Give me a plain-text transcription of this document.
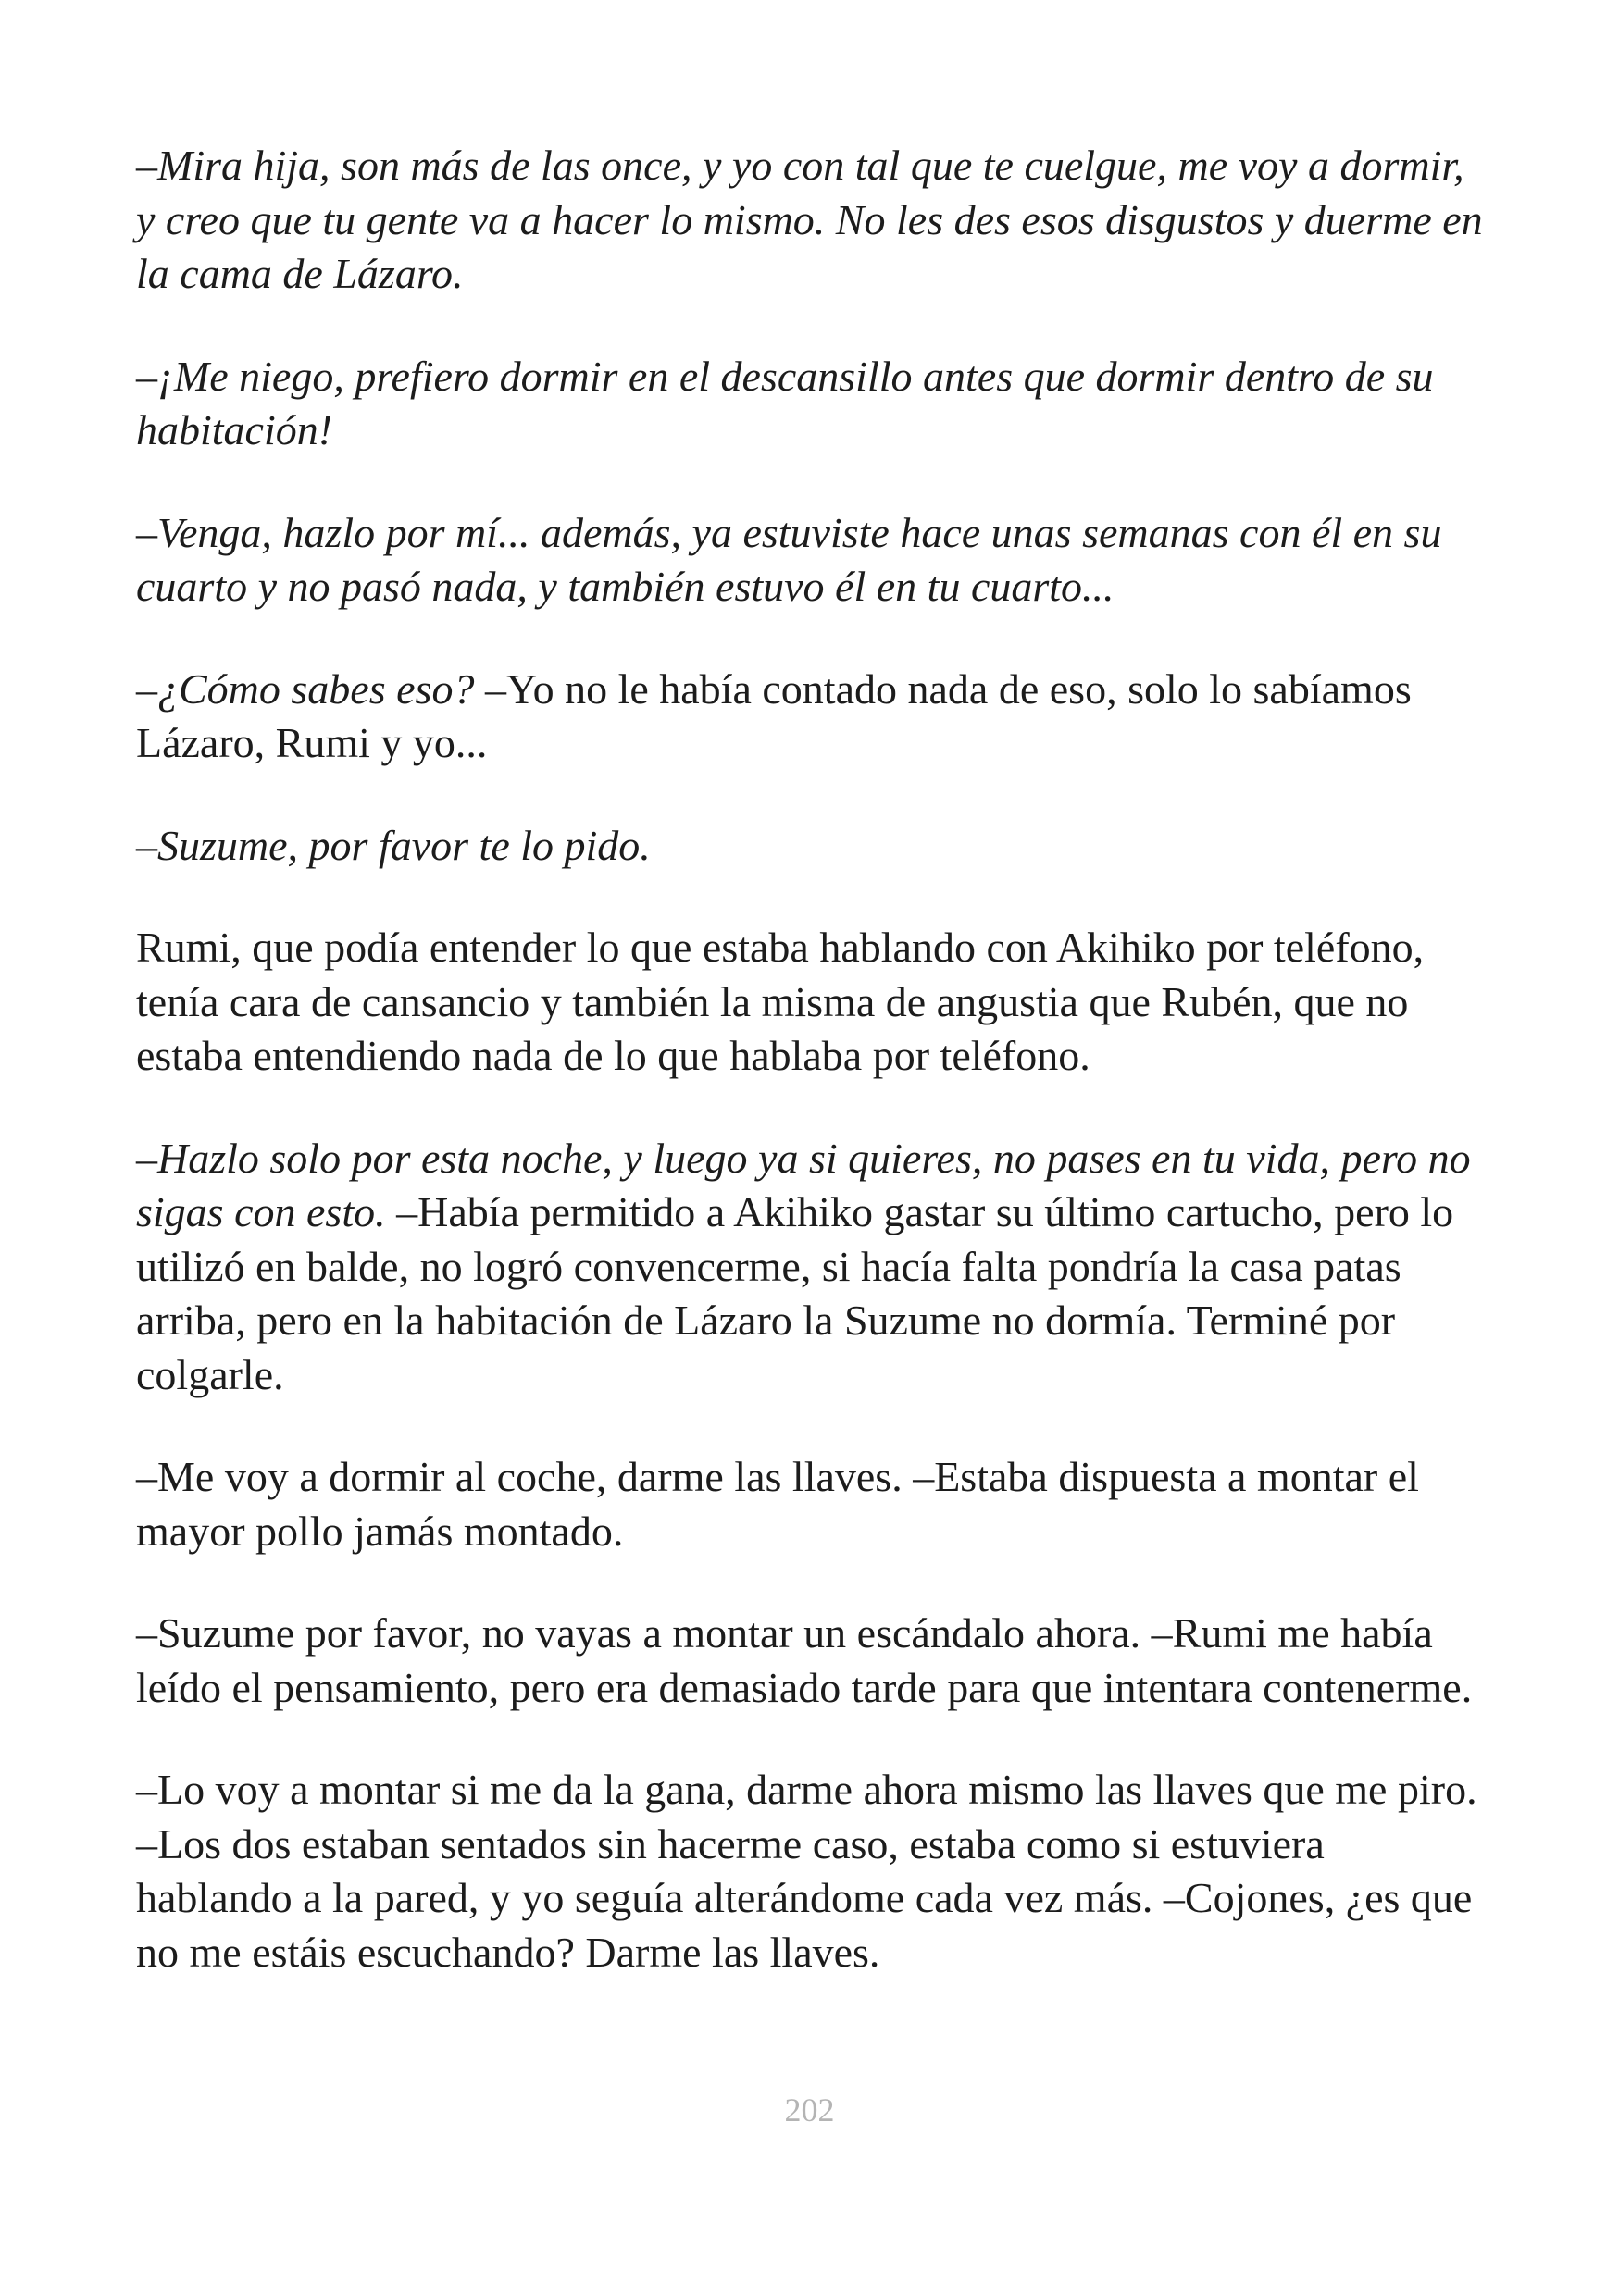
–Mira hija, son más de las once, y yo con tal que te cuelgue, me voy a dormir, y creo que tu gente va a hacer lo mismo. No les des esos disgustos y duerme en la cama de Lázaro.

–¡Me niego, prefiero dormir en el descansillo antes que dormir dentro de su habitación!

–Venga, hazlo por mí... además, ya estuviste hace unas semanas con él en su cuarto y no pasó nada, y también estuvo él en tu cuarto...

–¿Cómo sabes eso? –Yo no le había contado nada de eso, solo lo sabíamos Lázaro, Rumi y yo...

–Suzume, por favor te lo pido.

Rumi, que podía entender lo que estaba hablando con Akihiko por teléfono, tenía cara de cansancio y también la misma de angustia que Rubén, que no estaba entendiendo nada de lo que hablaba por teléfono.

–Hazlo solo por esta noche, y luego ya si quieres, no pases en tu vida, pero no sigas con esto. –Había permitido a Akihiko gastar su último cartucho, pero lo utilizó en balde, no logró convencerme, si hacía falta pondría la casa patas arriba, pero en la habitación de Lázaro la Suzume no dormía. Terminé por colgarle.

–Me voy a dormir al coche, darme las llaves. –Estaba dispuesta a montar el mayor pollo jamás montado.

–Suzume por favor, no vayas a montar un escándalo ahora. –Rumi me había leído el pensamiento, pero era demasiado tarde para que intentara contenerme.

–Lo voy a montar si me da la gana, darme ahora mismo las llaves que me piro. –Los dos estaban sentados sin hacerme caso, estaba como si estuviera hablando a la pared, y yo seguía alterándome cada vez más. –Cojones, ¿es que no me estáis escuchando? Darme las llaves.

202
